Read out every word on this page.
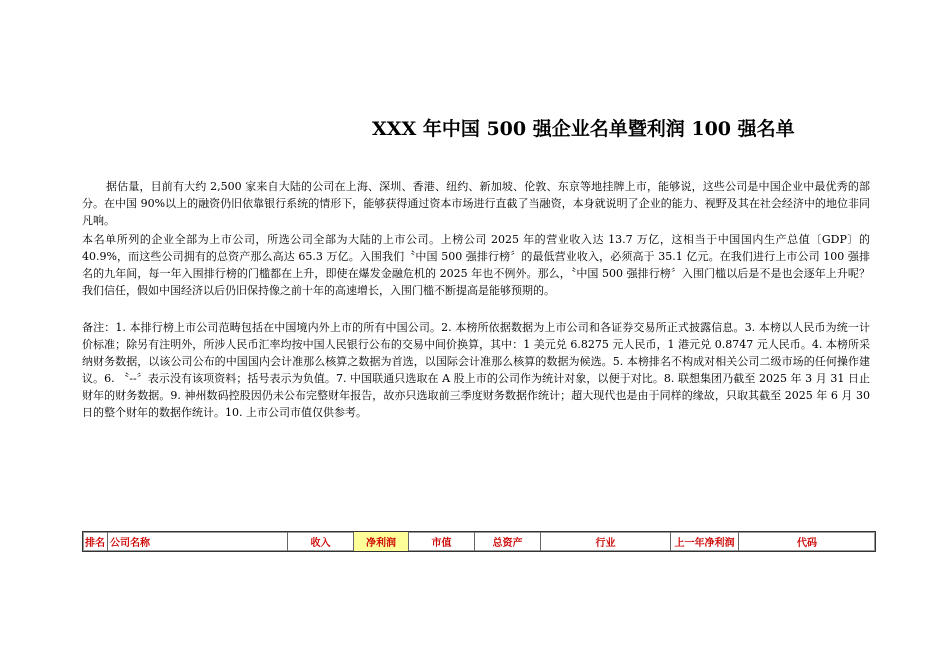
XXX 年中国 500 强企业名单暨利润 100 强名单

据估量，目前有大约 2,500 家来自大陆的公司在上海、深圳、香港、纽约、新加坡、伦敦、东京等地挂牌上市，能够说，这些公司是中国企业中最优秀的部分。在中国 90%以上的融资仍旧依靠银行系统的情形下，能够获得通过资本市场进行直截了当融资，本身就说明了企业的能力、视野及其在社会经济中的地位非同凡响。

本名单所列的企业全部为上市公司，所选公司全部为大陆的上市公司。上榜公司 2025 年的营业收入达 13.7 万亿，这相当于中国国内生产总值〔GDP〕的 40.9%，而这些公司拥有的总资产那么高达 65.3 万亿。入围我们〝中国 500 强排行榜〞的最低营业收入，必须高于 35.1 亿元。在我们进行上市公司 100 强排名的九年间，每一年入围排行榜的门槛都在上升，即使在爆发金融危机的 2025 年也不例外。那么，〝中国 500 强排行榜〞入围门槛以后是不是也会逐年上升呢？我们信任，假如中国经济以后仍旧保持像之前十年的高速增长，入围门槛不断提高是能够预期的。

备注：1. 本排行榜上市公司范畴包括在中国境内外上市的所有中国公司。2. 本榜所依据数据为上市公司和各证券交易所正式披露信息。3. 本榜以人民币为统一计价标准；除另有注明外，所涉人民币汇率均按中国人民银行公布的交易中间价换算，其中：1 美元兑 6.8275 元人民币，1 港元兑 0.8747 元人民币。4. 本榜所采纳财务数据，以该公司公布的中国国内会计准那么核算之数据为首选，以国际会计准那么核算的数据为候选。5. 本榜排名不构成对相关公司二级市场的任何操作建议。6. 〝--〞表示没有该项资料；括号表示为负值。7. 中国联通只选取在 A 股上市的公司作为统计对象，以便于对比。8. 联想集团乃截至 2025 年 3 月 31 日止财年的财务数据。9. 神州数码控股因仍未公布完整财年报告，故亦只选取前三季度财务数据作统计；超大现代也是由于同样的缘故，只取其截至 2025 年 6 月 30 日的整个财年的数据作统计。10. 上市公司市值仅供参考。

排名 公司名称	收入	净利润	市值	总资产	行业	上一年净利润	代码
